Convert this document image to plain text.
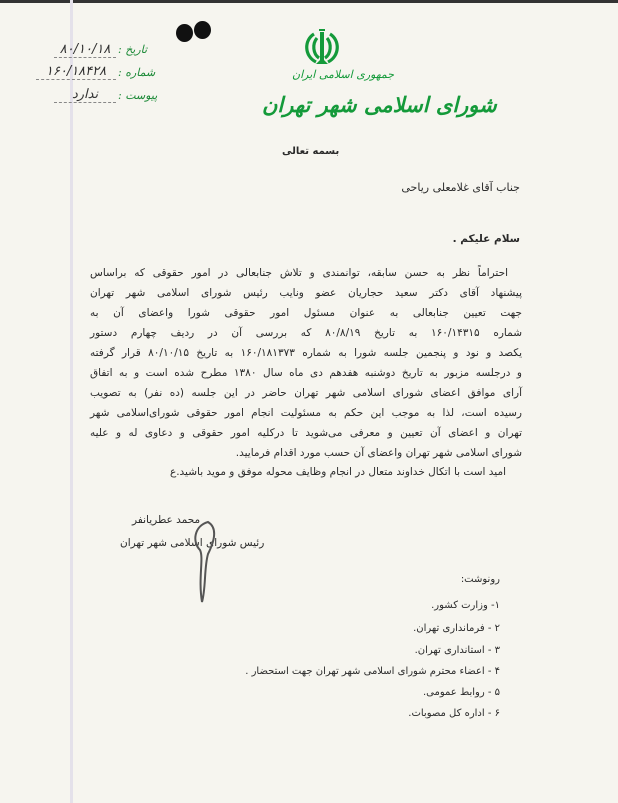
جمهوری اسلامی ایران
شورای اسلامی شهر تهران
تاریخ :
۸۰/۱۰/۱۸
شماره :
۱۶۰/۱۸۴۲۸
پیوست :
ندارد
بسمه تعالی
جناب آقای غلامعلی ریاحی
سلام علیکم .
احتراماً نظر به حسن سابقه، توانمندی و تلاش جنابعالی در امور حقوقی که براساس
پیشنهاد آقای دکتر سعید حجاریان عضو ونایب رئیس شورای اسلامی شهر تهران
جهت تعیین جنابعالی به عنوان مسئول امور حقوقی شورا واعضای آن به
شماره ۱۶۰/۱۴۳۱۵ به تاریخ ۸۰/۸/۱۹ که بررسی آن در ردیف چهارم دستور
یکصد و نود و پنجمین جلسه شورا به شماره ۱۶۰/۱۸۱۳۷۳ به تاریخ ۸۰/۱۰/۱۵ قرار گرفته
و درجلسه مزبور به تاریخ دوشنبه هفدهم دی ماه سال ۱۳۸۰ مطرح شده است و به اتفاق
آرای موافق اعضای شورای اسلامی شهر تهران حاضر در این جلسه (ده نفر) به تصویب
رسیده است، لذا به موجب این حکم به مسئولیت انجام امور حقوقی شورای‌اسلامی شهر
تهران و اعضای آن تعیین و معرفی می‌شوید تا درکلیه امور حقوقی و دعاوی له و علیه
شورای اسلامی شهر تهران واعضای آن حسب مورد اقدام فرمایید.
امید است با اتکال خداوند متعال در انجام وظایف محوله موفق و موید باشید.ع
محمد عطریانفر
رئیس شورای اسلامی شهر تهران
رونوشت:
۱- وزارت کشور.
۲ - فرمانداری تهران.
۳ - استانداری تهران.
۴ - اعضاء محترم شورای اسلامی شهر تهران جهت استحضار .
۵ - روابط عمومی.
۶ - اداره کل مصوبات.
